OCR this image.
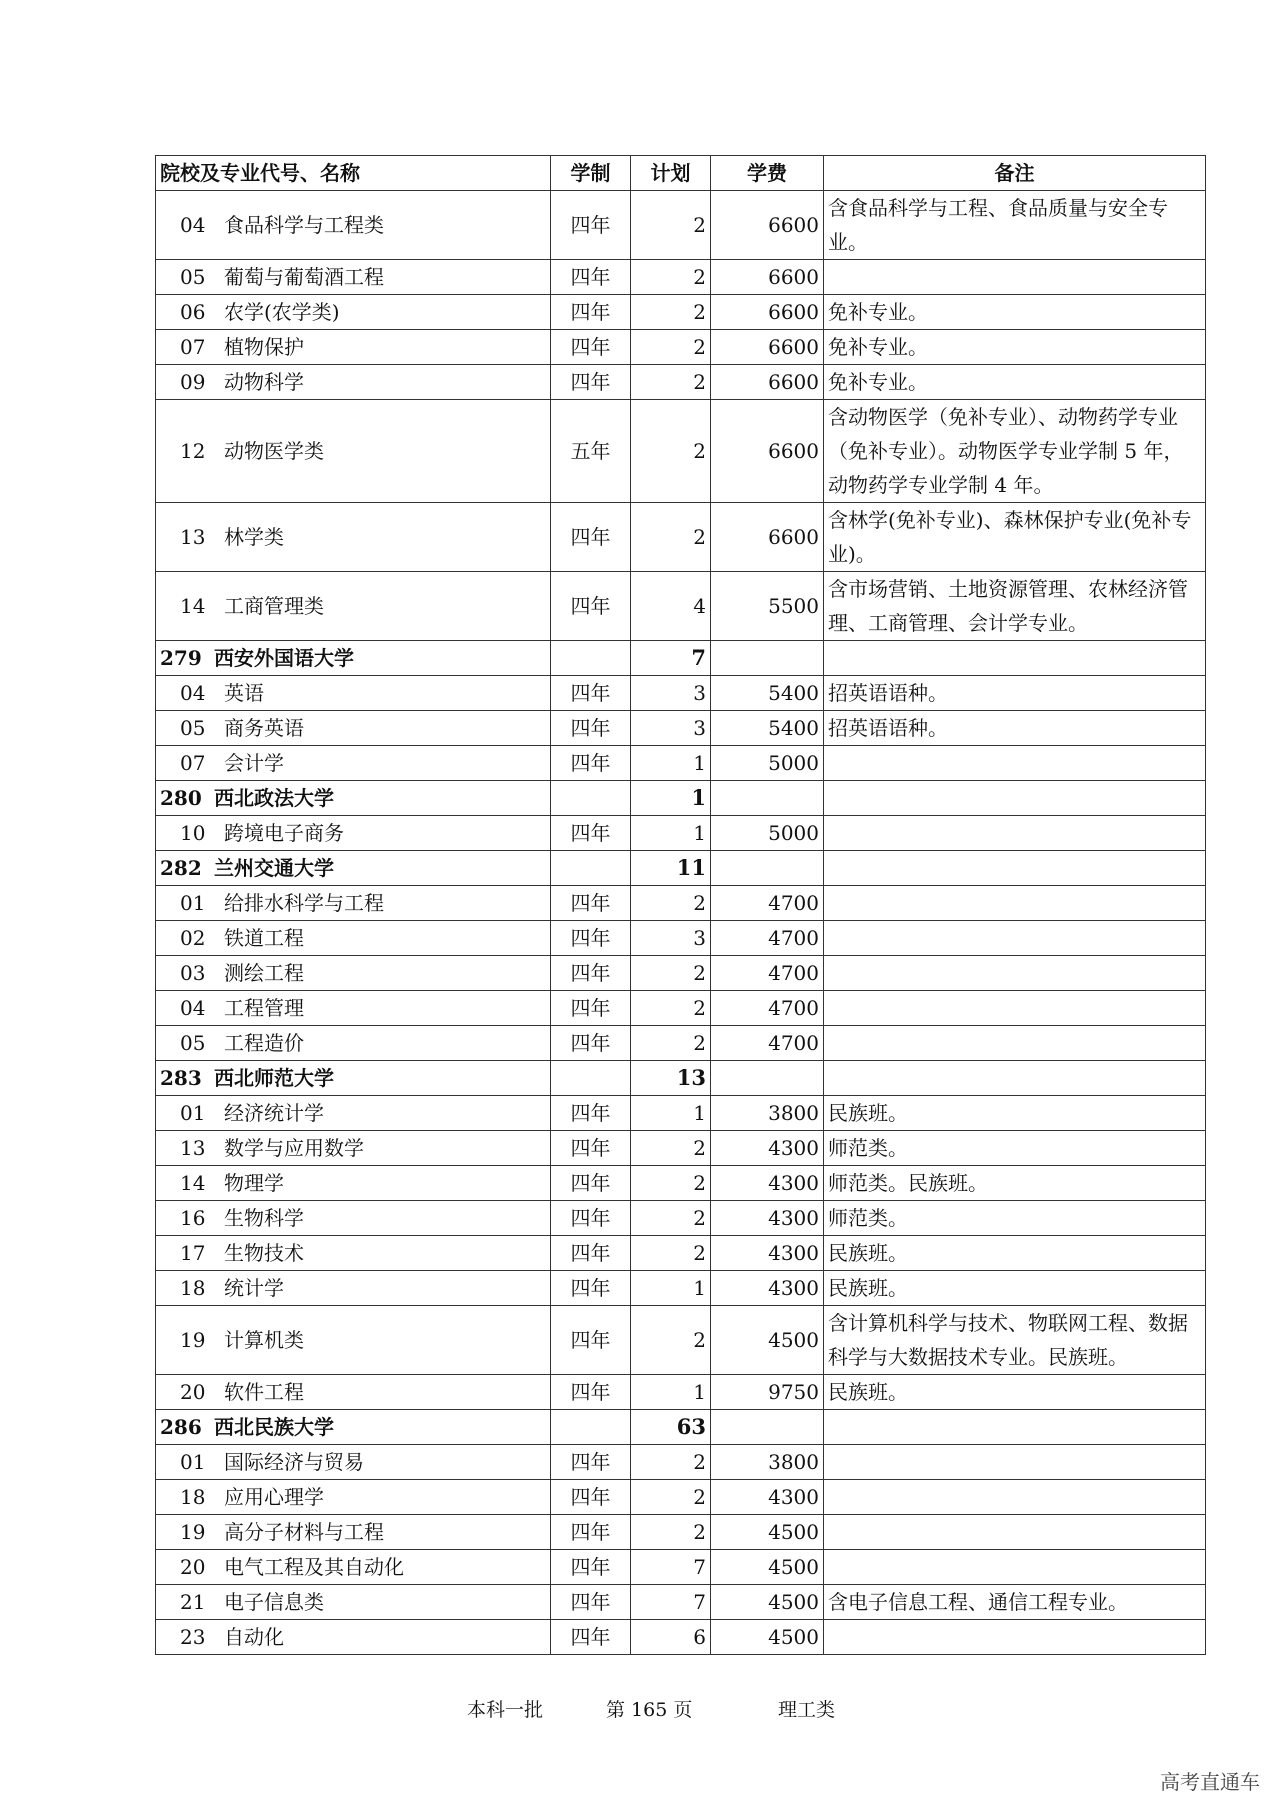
院校及专业代号、名称	学制	计划	学费	备注
04 食品科学与工程类	四年	2	6600	含食品科学与工程、食品质量与安全专业。
05 葡萄与葡萄酒工程	四年	2	6600	
06 农学(农学类)	四年	2	6600	免补专业。
07 植物保护	四年	2	6600	免补专业。
09 动物科学	四年	2	6600	免补专业。
12 动物医学类	五年	2	6600	含动物医学（免补专业）、动物药学专业（免补专业）。动物医学专业学制 5 年，动物药学专业学制 4 年。
13 林学类	四年	2	6600	含林学(免补专业)、森林保护专业(免补专业)。
14 工商管理类	四年	4	5500	含市场营销、土地资源管理、农林经济管理、工商管理、会计学专业。
279 西安外国语大学		7		
04 英语	四年	3	5400	招英语语种。
05 商务英语	四年	3	5400	招英语语种。
07 会计学	四年	1	5000	
280 西北政法大学		1		
10 跨境电子商务	四年	1	5000	
282 兰州交通大学		11		
01 给排水科学与工程	四年	2	4700	
02 铁道工程	四年	3	4700	
03 测绘工程	四年	2	4700	
04 工程管理	四年	2	4700	
05 工程造价	四年	2	4700	
283 西北师范大学		13		
01 经济统计学	四年	1	3800	民族班。
13 数学与应用数学	四年	2	4300	师范类。
14 物理学	四年	2	4300	师范类。民族班。
16 生物科学	四年	2	4300	师范类。
17 生物技术	四年	2	4300	民族班。
18 统计学	四年	1	4300	民族班。
19 计算机类	四年	2	4500	含计算机科学与技术、物联网工程、数据科学与大数据技术专业。民族班。
20 软件工程	四年	1	9750	民族班。
286 西北民族大学		63		
01 国际经济与贸易	四年	2	3800	
18 应用心理学	四年	2	4300	
19 高分子材料与工程	四年	2	4500	
20 电气工程及其自动化	四年	7	4500	
21 电子信息类	四年	7	4500	含电子信息工程、通信工程专业。
23 自动化	四年	6	4500	
本科一批	第 165 页	理工类
高考直通车
